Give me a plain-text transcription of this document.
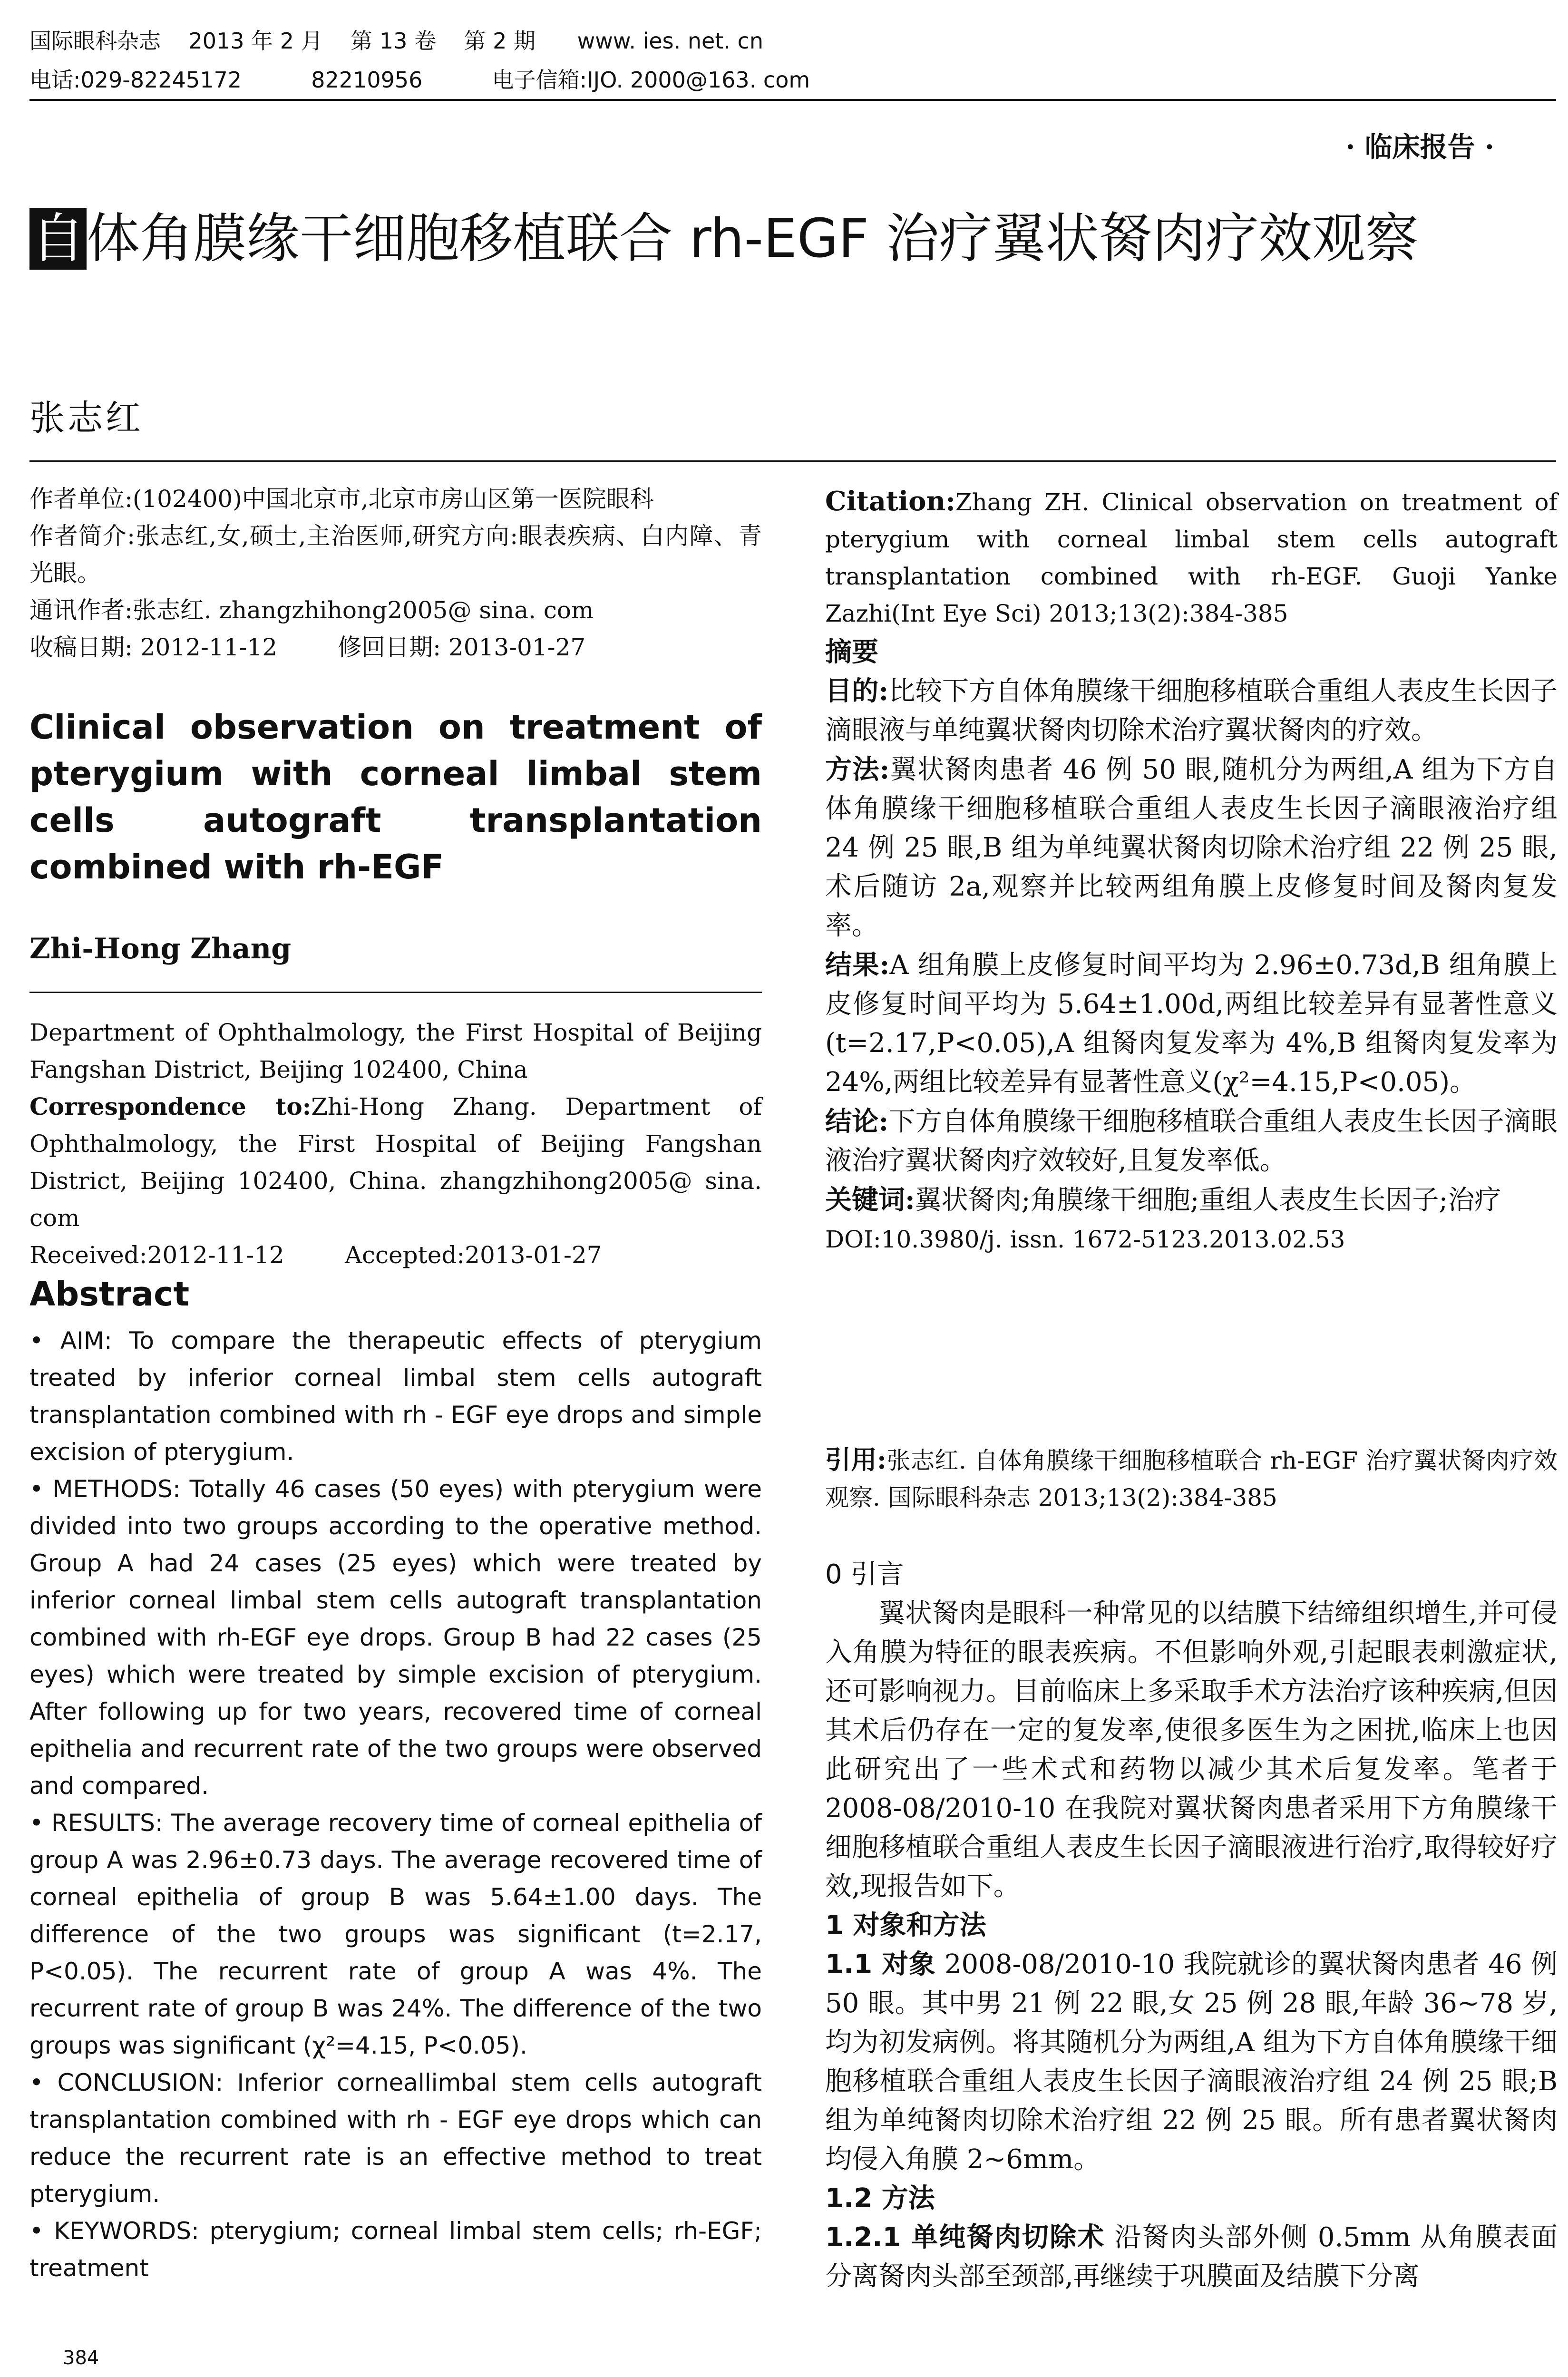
国际眼科杂志    2013 年 2 月    第 13 卷    第 2 期      www. ies. net. cn
电话:029-82245172          82210956          电子信箱:IJO. 2000@163. com
· 临床报告 ·
自体角膜缘干细胞移植联合 rh-EGF 治疗翼状胬肉疗效观察
张志红

作者单位:(102400)中国北京市,北京市房山区第一医院眼科

作者简介:张志红,女,硕士,主治医师,研究方向:眼表疾病、白内障、青光眼。

通讯作者:张志红. zhangzhihong2005@ sina. com

收稿日期: 2012-11-12        修回日期: 2013-01-27

Clinical observation on treatment of pterygium with corneal limbal stem cells autograft transplantation combined with rh-EGF
Zhi-Hong Zhang

Department of Ophthalmology, the First Hospital of Beijing Fangshan District, Beijing 102400, China

Correspondence to:Zhi-Hong Zhang. Department of Ophthalmology, the First Hospital of Beijing Fangshan District, Beijing 102400, China. zhangzhihong2005@ sina. com

Received:2012-11-12        Accepted:2013-01-27

Abstract

• AIM: To compare the therapeutic effects of pterygium treated by inferior corneal limbal stem cells autograft transplantation combined with rh - EGF eye drops and simple excision of pterygium.

• METHODS: Totally 46 cases (50 eyes) with pterygium were divided into two groups according to the operative method. Group A had 24 cases (25 eyes) which were treated by inferior corneal limbal stem cells autograft transplantation combined with rh-EGF eye drops. Group B had 22 cases (25 eyes) which were treated by simple excision of pterygium. After following up for two years, recovered time of corneal epithelia and recurrent rate of the two groups were observed and compared.

• RESULTS: The average recovery time of corneal epithelia of group A was 2.96±0.73 days. The average recovered time of corneal epithelia of group B was 5.64±1.00 days. The difference of the two groups was significant (t=2.17, P<0.05). The recurrent rate of group A was 4%. The recurrent rate of group B was 24%. The difference of the two groups was significant (χ²=4.15, P<0.05).

• CONCLUSION: Inferior corneallimbal stem cells autograft transplantation combined with rh - EGF eye drops which can reduce the recurrent rate is an effective method to treat pterygium.

• KEYWORDS: pterygium; corneal limbal stem cells; rh-EGF; treatment

384
Citation:Zhang ZH. Clinical observation on treatment of pterygium with corneal limbal stem cells autograft transplantation combined with rh-EGF. Guoji Yanke Zazhi(Int Eye Sci) 2013;13(2):384-385

摘要

目的:比较下方自体角膜缘干细胞移植联合重组人表皮生长因子滴眼液与单纯翼状胬肉切除术治疗翼状胬肉的疗效。

方法:翼状胬肉患者 46 例 50 眼,随机分为两组,A 组为下方自体角膜缘干细胞移植联合重组人表皮生长因子滴眼液治疗组 24 例 25 眼,B 组为单纯翼状胬肉切除术治疗组 22 例 25 眼,术后随访 2a,观察并比较两组角膜上皮修复时间及胬肉复发率。

结果:A 组角膜上皮修复时间平均为 2.96±0.73d,B 组角膜上皮修复时间平均为 5.64±1.00d,两组比较差异有显著性意义(t=2.17,P<0.05),A 组胬肉复发率为 4%,B 组胬肉复发率为 24%,两组比较差异有显著性意义(χ²=4.15,P<0.05)。

结论:下方自体角膜缘干细胞移植联合重组人表皮生长因子滴眼液治疗翼状胬肉疗效较好,且复发率低。

关键词:翼状胬肉;角膜缘干细胞;重组人表皮生长因子;治疗

DOI:10.3980/j. issn. 1672-5123.2013.02.53

引用:张志红. 自体角膜缘干细胞移植联合 rh-EGF 治疗翼状胬肉疗效观察. 国际眼科杂志 2013;13(2):384-385

0 引言

翼状胬肉是眼科一种常见的以结膜下结缔组织增生,并可侵入角膜为特征的眼表疾病。不但影响外观,引起眼表刺激症状,还可影响视力。目前临床上多采取手术方法治疗该种疾病,但因其术后仍存在一定的复发率,使很多医生为之困扰,临床上也因此研究出了一些术式和药物以减少其术后复发率。笔者于 2008-08/2010-10 在我院对翼状胬肉患者采用下方角膜缘干细胞移植联合重组人表皮生长因子滴眼液进行治疗,取得较好疗效,现报告如下。

1 对象和方法

1.1 对象 2008-08/2010-10 我院就诊的翼状胬肉患者 46 例 50 眼。其中男 21 例 22 眼,女 25 例 28 眼,年龄 36~78 岁,均为初发病例。将其随机分为两组,A 组为下方自体角膜缘干细胞移植联合重组人表皮生长因子滴眼液治疗组 24 例 25 眼;B 组为单纯胬肉切除术治疗组 22 例 25 眼。所有患者翼状胬肉均侵入角膜 2~6mm。

1.2 方法

1.2.1 单纯胬肉切除术 沿胬肉头部外侧 0.5mm 从角膜表面分离胬肉头部至颈部,再继续于巩膜面及结膜下分离
